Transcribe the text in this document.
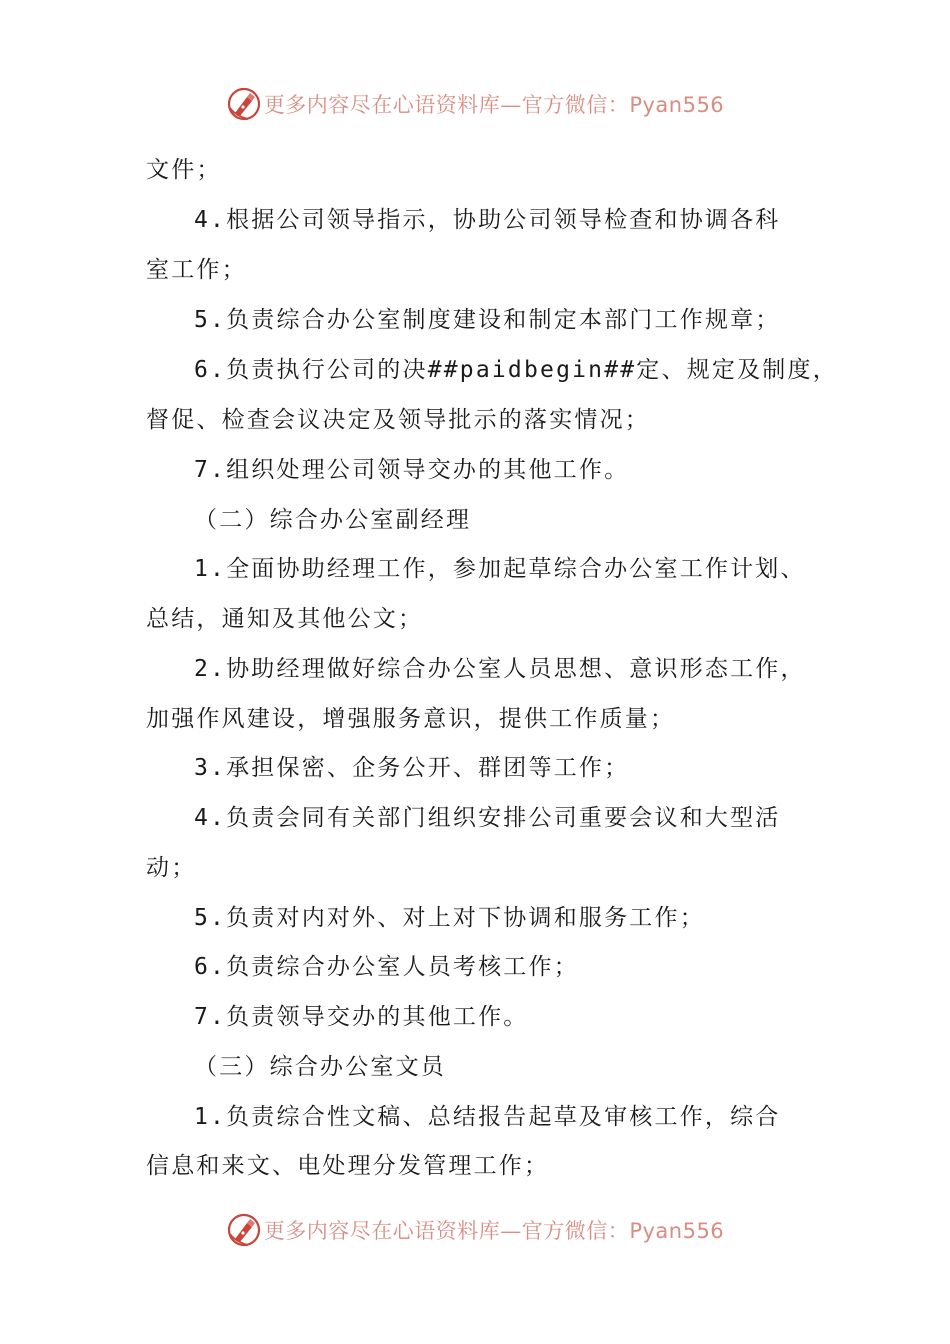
更多内容尽在心语资料库—官方微信：Pyan556
文件；
4.根据公司领导指示，协助公司领导检查和协调各科
室工作；
5.负责综合办公室制度建设和制定本部门工作规章；
6.负责执行公司的决##paidbegin##定、规定及制度，
督促、检查会议决定及领导批示的落实情况；
7.组织处理公司领导交办的其他工作。
（二）综合办公室副经理
1.全面协助经理工作，参加起草综合办公室工作计划、
总结，通知及其他公文；
2.协助经理做好综合办公室人员思想、意识形态工作，
加强作风建设，增强服务意识，提供工作质量；
3.承担保密、企务公开、群团等工作；
4.负责会同有关部门组织安排公司重要会议和大型活
动；
5.负责对内对外、对上对下协调和服务工作；
6.负责综合办公室人员考核工作；
7.负责领导交办的其他工作。
（三）综合办公室文员
1.负责综合性文稿、总结报告起草及审核工作，综合
信息和来文、电处理分发管理工作；
更多内容尽在心语资料库—官方微信：Pyan556
